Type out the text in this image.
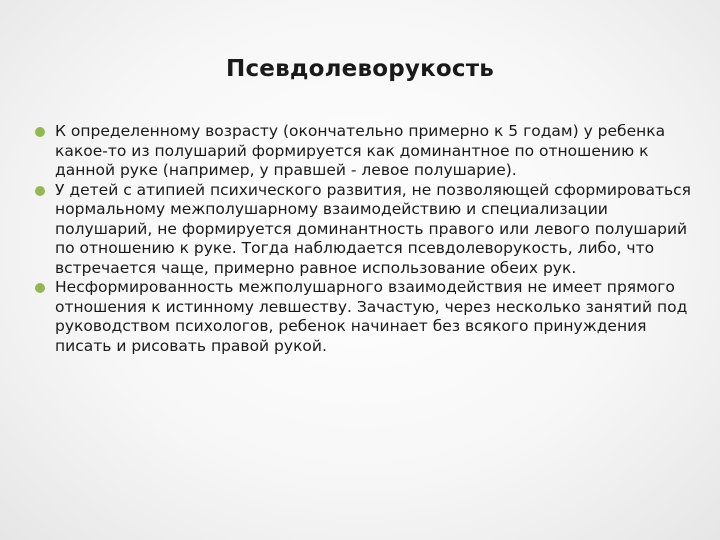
Псевдолеворукость
К определенному возрасту (окончательно примерно к 5 годам) у ребенка какое-то из полушарий формируется как доминантное по отношению к данной руке (например, у правшей - левое полушарие).
У детей с атипией психического развития, не позволяющей сформироваться нормальному межполушарному взаимодействию и специализации полушарий, не формируется доминантность правого или левого полушарий по отношению к руке. Тогда наблюдается псевдолеворукость, либо, что встречается чаще, примерно равное использование обеих рук.
Несформированность межполушарного взаимодействия не имеет прямого отношения к истинному левшеству. Зачастую, через несколько занятий под руководством психологов, ребенок начинает без всякого принуждения писать и рисовать правой рукой.
